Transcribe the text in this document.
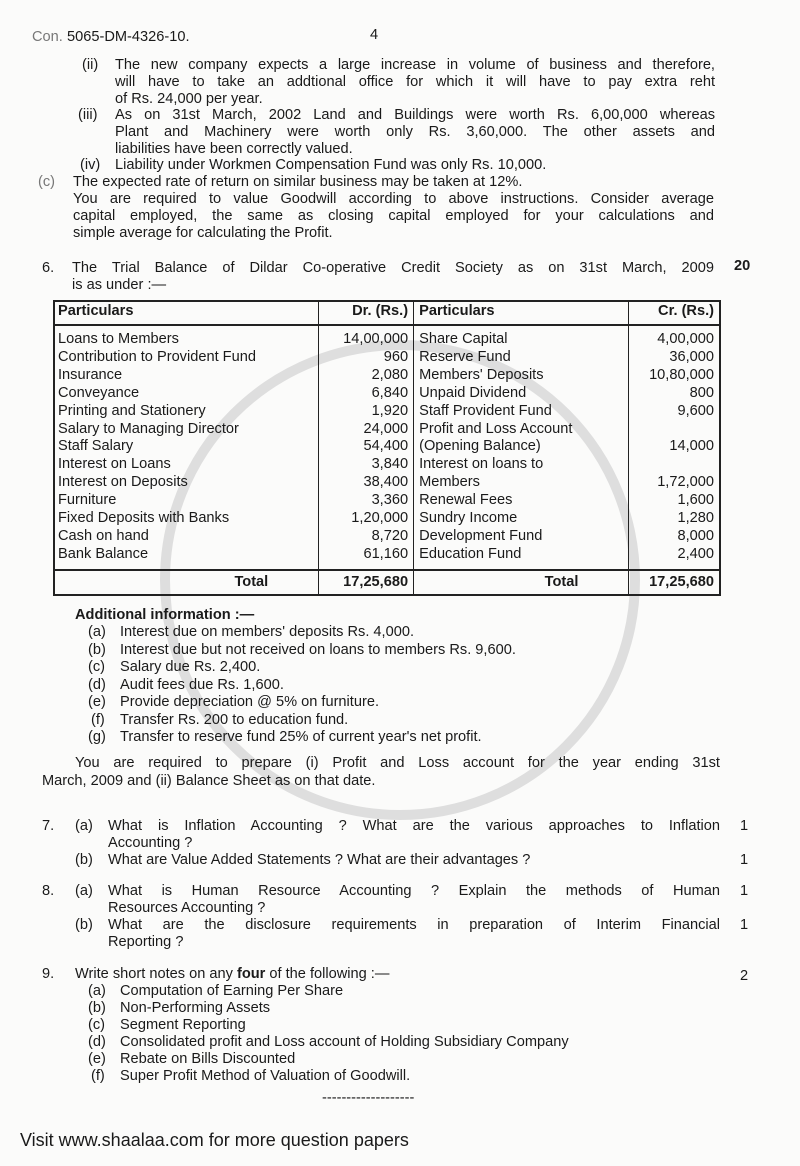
Con. 5065-DM-4326-10.	4
(ii) The new company expects a large increase in volume of business and therefore,
will have to take an addtional office for which it will have to pay extra reht
of Rs. 24,000 per year.
(iii) As on 31st March, 2002 Land and Buildings were worth Rs. 6,00,000 whereas
Plant and Machinery were worth only Rs. 3,60,000. The other assets and
liabilities have been correctly valued.
(iv) Liability under Workmen Compensation Fund was only Rs. 10,000.
(c) The expected rate of return on similar business may be taken at 12%.
You are required to value Goodwill according to above instructions. Consider average
capital employed, the same as closing capital employed for your calculations and
simple average for calculating the Profit.
6. The Trial Balance of Dildar Co-operative Credit Society as on 31st March, 2009
is as under :—
20
Particulars	Dr. (Rs.)	Particulars	Cr. (Rs.)
Loans to Members	14,00,000	Share Capital	4,00,000
Contribution to Provident Fund	960	Reserve Fund	36,000
Insurance	2,080	Members' Deposits	10,80,000
Conveyance	6,840	Unpaid Dividend	800
Printing and Stationery	1,920	Staff Provident Fund	9,600
Salary to Managing Director	24,000	Profit and Loss Account	
Staff Salary	54,400	(Opening Balance)	14,000
Interest on Loans	3,840	Interest on loans to	
Interest on Deposits	38,400	Members	1,72,000
Furniture	3,360	Renewal Fees	1,600
Fixed Deposits with Banks	1,20,000	Sundry Income	1,280
Cash on hand	8,720	Development Fund	8,000
Bank Balance	61,160	Education Fund	2,400
Total	17,25,680	Total	17,25,680
Additional information :—
(a) Interest due on members' deposits Rs. 4,000.
(b) Interest due but not received on loans to members Rs. 9,600.
(c) Salary due Rs. 2,400.
(d) Audit fees due Rs. 1,600.
(e) Provide depreciation @ 5% on furniture.
(f) Transfer Rs. 200 to education fund.
(g) Transfer to reserve fund 25% of current year's net profit.
You are required to prepare (i) Profit and Loss account for the year ending 31st
March, 2009 and (ii) Balance Sheet as on that date.
7. (a) What is Inflation Accounting ? What are the various approaches to Inflation
Accounting ?
1
(b) What are Value Added Statements ? What are their advantages ?	1
8. (a) What is Human Resource Accounting ? Explain the methods of Human
Resources Accounting ?
1
(b) What are the disclosure requirements in preparation of Interim Financial
Reporting ?
1
9. Write short notes on any four of the following :—	2
(a) Computation of Earning Per Share
(b) Non-Performing Assets
(c) Segment Reporting
(d) Consolidated profit and Loss account of Holding Subsidiary Company
(e) Rebate on Bills Discounted
(f) Super Profit Method of Valuation of Goodwill.
-------------------
Visit www.shaalaa.com for more question papers
